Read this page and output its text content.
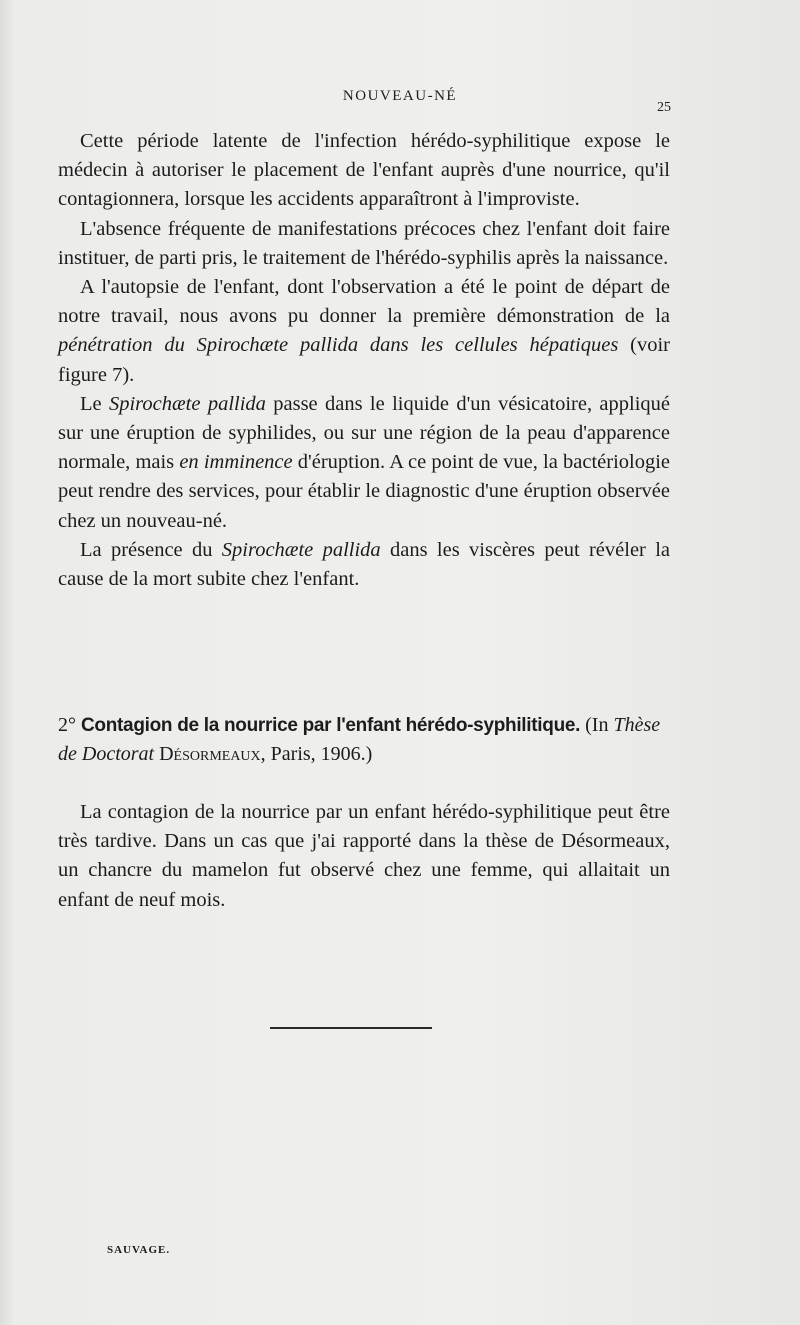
NOUVEAU-NÉ
25

Cette période latente de l'infection hérédo-syphilitique expose le médecin à autoriser le placement de l'enfant auprès d'une nourrice, qu'il contagionnera, lorsque les accidents apparaîtront à l'improviste.

L'absence fréquente de manifestations précoces chez l'enfant doit faire instituer, de parti pris, le traitement de l'hérédo-syphilis après la naissance.

A l'autopsie de l'enfant, dont l'observation a été le point de départ de notre travail, nous avons pu donner la première démonstration de la pénétration du Spirochæte pallida dans les cellules hépatiques (voir figure 7).

Le Spirochæte pallida passe dans le liquide d'un vésicatoire, appliqué sur une éruption de syphilides, ou sur une région de la peau d'apparence normale, mais en imminence d'éruption. A ce point de vue, la bactériologie peut rendre des services, pour établir le diagnostic d'une éruption observée chez un nouveau-né.

La présence du Spirochæte pallida dans les viscères peut révéler la cause de la mort subite chez l'enfant.

2° Contagion de la nourrice par l'enfant hérédo-syphilitique. (In Thèse de Doctorat Désormeaux, Paris, 1906.)

La contagion de la nourrice par un enfant hérédo-syphilitique peut être très tardive. Dans un cas que j'ai rapporté dans la thèse de Désormeaux, un chancre du mamelon fut observé chez une femme, qui allaitait un enfant de neuf mois.

SAUVAGE.
